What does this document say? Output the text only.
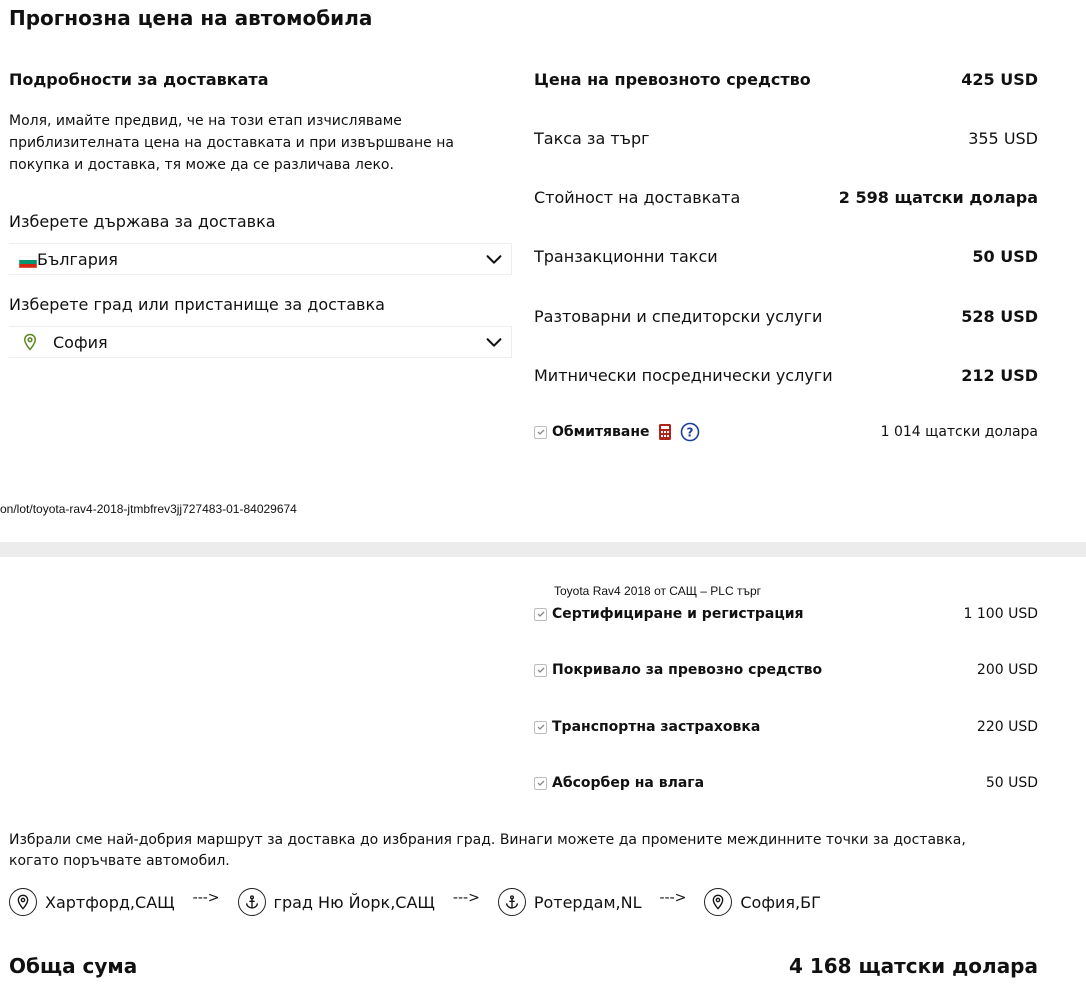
Прогнозна цена на автомобила
Подробности за доставката
Моля, имайте предвид, че на този етап изчисляваме приблизителната цена на доставката и при извършване на покупка и доставка, тя може да се различава леко.
Изберете държава за доставка
България
Изберете град или пристанище за доставка
София
Цена на превозното средство	425 USD
Такса за търг	355 USD
Стойност на доставката	2 598 щатски долара
Транзакционни такси	50 USD
Разтоварни и спедиторски услуги	528 USD
Митнически посреднически услуги	212 USD
Обмитяване	?	1 014 щатски долара
on/lot/toyota-rav4-2018-jtmbfrev3jj727483-01-84029674
Toyota Rav4 2018 от САЩ – PLC търг
Сертифициране и регистрация	1 100 USD
Покривало за превозно средство	200 USD
Транспортна застраховка	220 USD
Абсорбер на влага	50 USD
Избрали сме най-добрия маршрут за доставка до избрания град. Винаги можете да промените междинните точки за доставка, когато поръчвате автомобил.
Хартфорд,САЩ --->	град Ню Йорк,САЩ --->	Ротердам,NL --->	София,БГ
Обща сума	4 168 щатски долара
